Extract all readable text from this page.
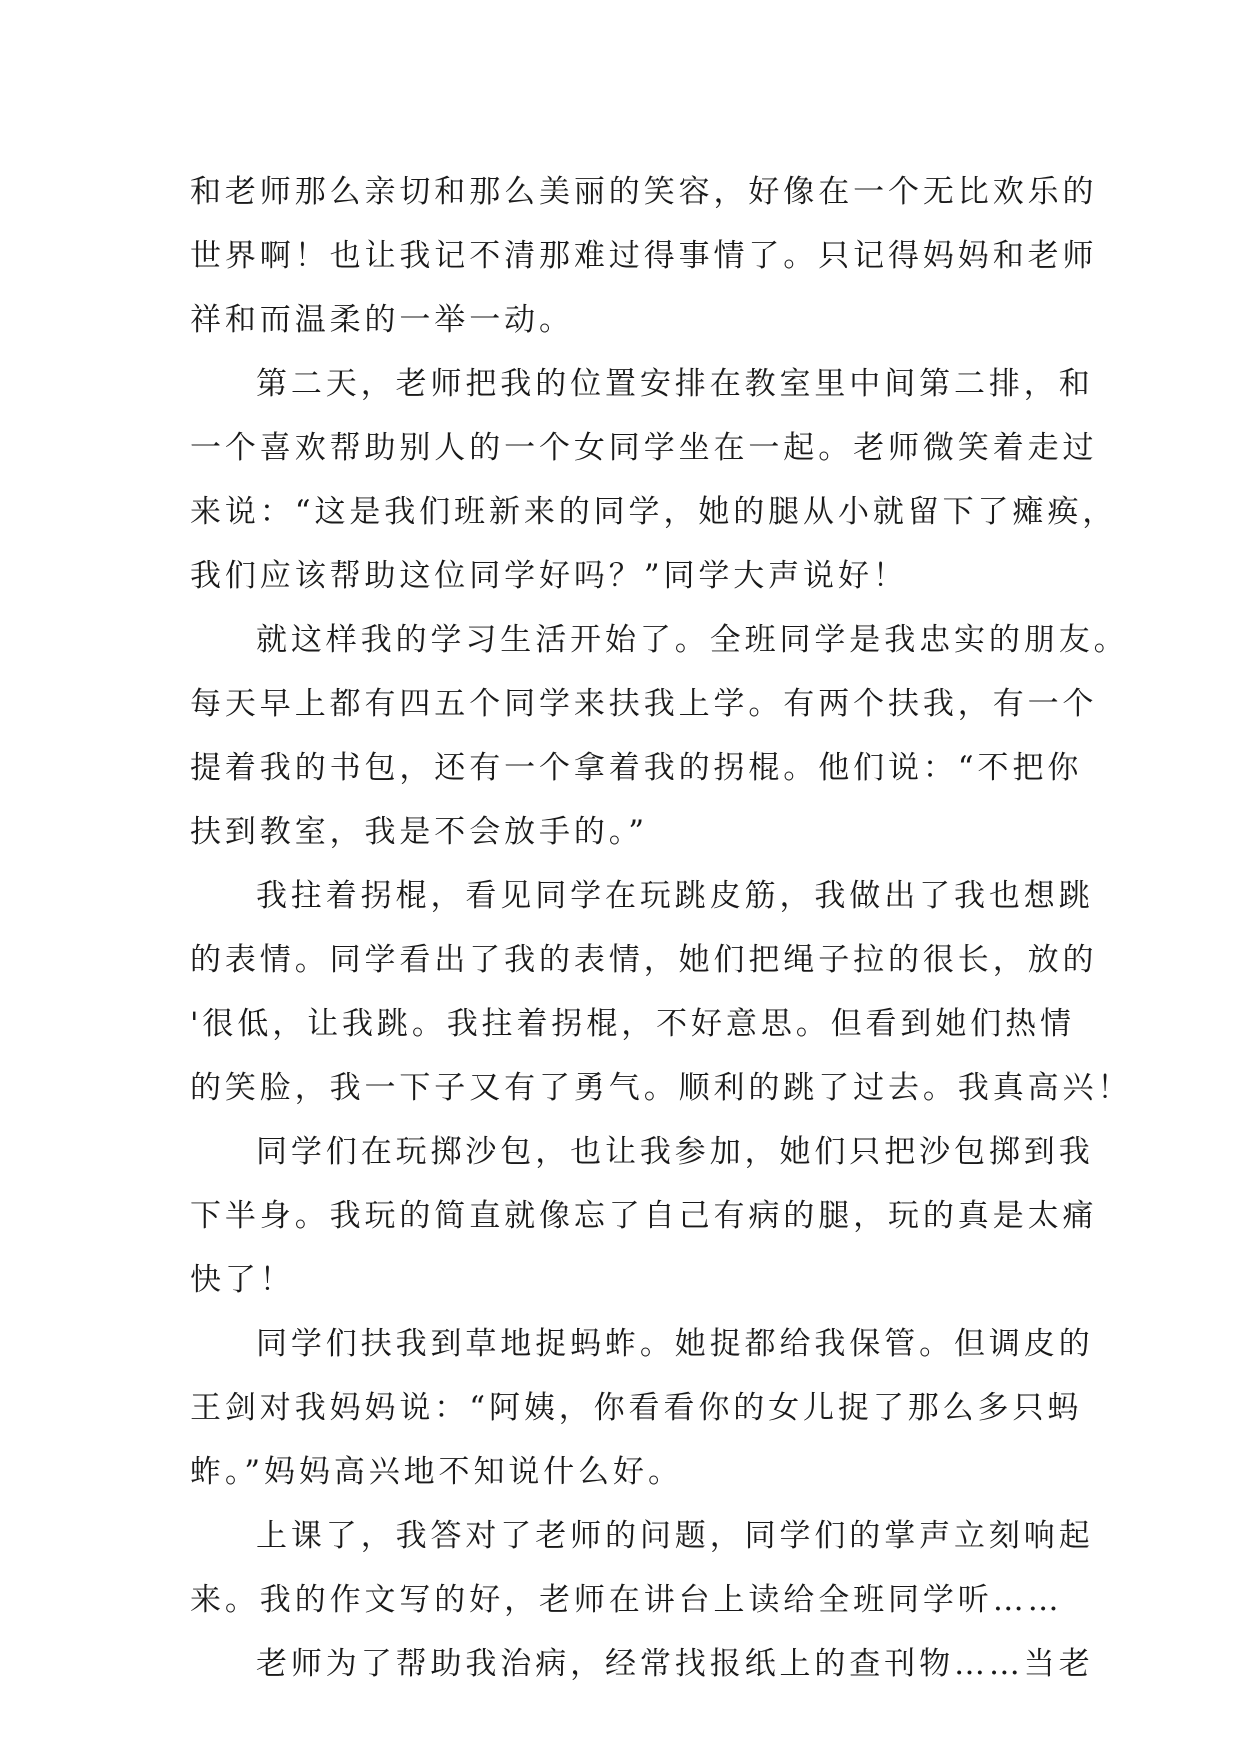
和老师那么亲切和那么美丽的笑容，好像在一个无比欢乐的
世界啊！也让我记不清那难过得事情了。只记得妈妈和老师
祥和而温柔的一举一动。
第二天，老师把我的位置安排在教室里中间第二排，和
一个喜欢帮助别人的一个女同学坐在一起。老师微笑着走过
来说：“这是我们班新来的同学，她的腿从小就留下了瘫痪，
我们应该帮助这位同学好吗？”同学大声说好！
就这样我的学习生活开始了。全班同学是我忠实的朋友。
每天早上都有四五个同学来扶我上学。有两个扶我，有一个
提着我的书包，还有一个拿着我的拐棍。他们说：“不把你
扶到教室，我是不会放手的。”
我拄着拐棍，看见同学在玩跳皮筋，我做出了我也想跳
的表情。同学看出了我的表情，她们把绳子拉的很长，放的
'很低，让我跳。我拄着拐棍，不好意思。但看到她们热情
的笑脸，我一下子又有了勇气。顺利的跳了过去。我真高兴！
同学们在玩掷沙包，也让我参加，她们只把沙包掷到我
下半身。我玩的简直就像忘了自己有病的腿，玩的真是太痛
快了！
同学们扶我到草地捉蚂蚱。她捉都给我保管。但调皮的
王剑对我妈妈说：“阿姨，你看看你的女儿捉了那么多只蚂
蚱。”妈妈高兴地不知说什么好。
上课了，我答对了老师的问题，同学们的掌声立刻响起
来。我的作文写的好，老师在讲台上读给全班同学听……
老师为了帮助我治病，经常找报纸上的查刊物……当老
